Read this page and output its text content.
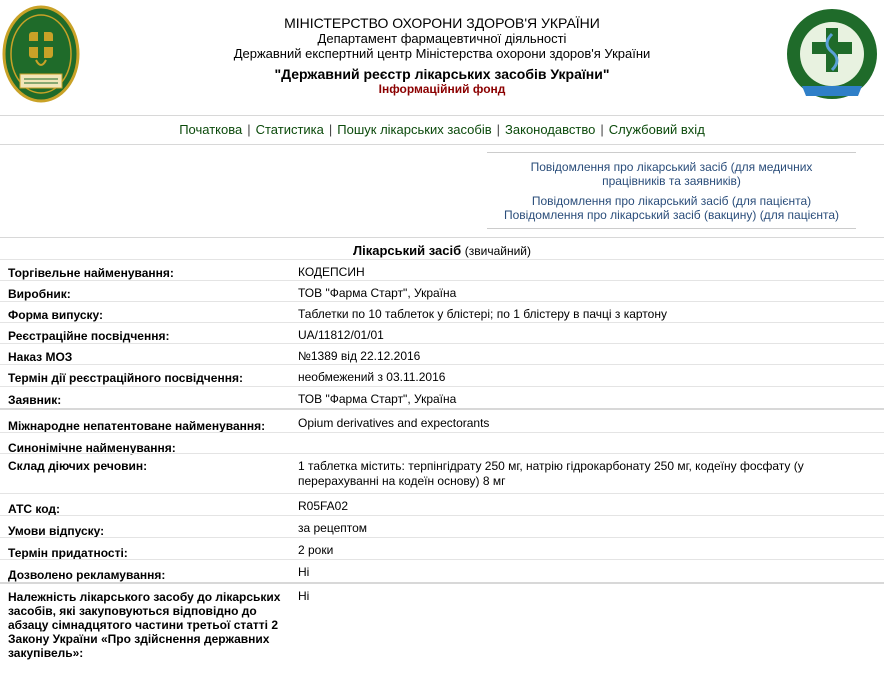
МІНІСТЕРСТВО ОХОРОНИ ЗДОРОВ'Я УКРАЇНИ
Департамент фармацевтичної діяльності
Державний експертний центр Міністерства охорони здоров'я України
"Державний реєстр лікарських засобів України"
Інформаційний фонд
Початкова | Статистика | Пошук лікарських засобів | Законодавство | Службовий вхід
Повідомлення про лікарський засіб (для медичних
працівників та заявників)
Повідомлення про лікарський засіб (для пацієнта)
Повідомлення про лікарський засіб (вакцину) (для пацієнта)
Лікарський засіб (звичайний)
Торгівельне найменування:	КОДЕПСИН
Виробник:	ТОВ "Фарма Старт", Україна
Форма випуску:	Таблетки по 10 таблеток у блістері; по 1 блістеру в пачці з картону
Реєстраційне посвідчення:	UA/11812/01/01
Наказ МОЗ	№1389 від 22.12.2016
Термін дії реєстраційного посвідчення:	необмежений з 03.11.2016
Заявник:	ТОВ "Фарма Старт", Україна
Міжнародне непатентоване найменування:	Opium derivatives and expectorants
Синонімічне найменування:
Склад діючих речовин:	1 таблетка містить: терпінгідрату 250 мг, натрію гідрокарбонату 250 мг, кодеїну фосфату (у перерахуванні на кодеїн основу) 8 мг
АТС код:	R05FA02
Умови відпуску:	за рецептом
Термін придатності:	2 роки
Дозволено рекламування:	Ні
Належність лікарського засобу до лікарських засобів, які закуповуються відповідно до абзацу сімнадцятого частини третьої статті 2 Закону України «Про здійснення державних закупівель»:
Ні
